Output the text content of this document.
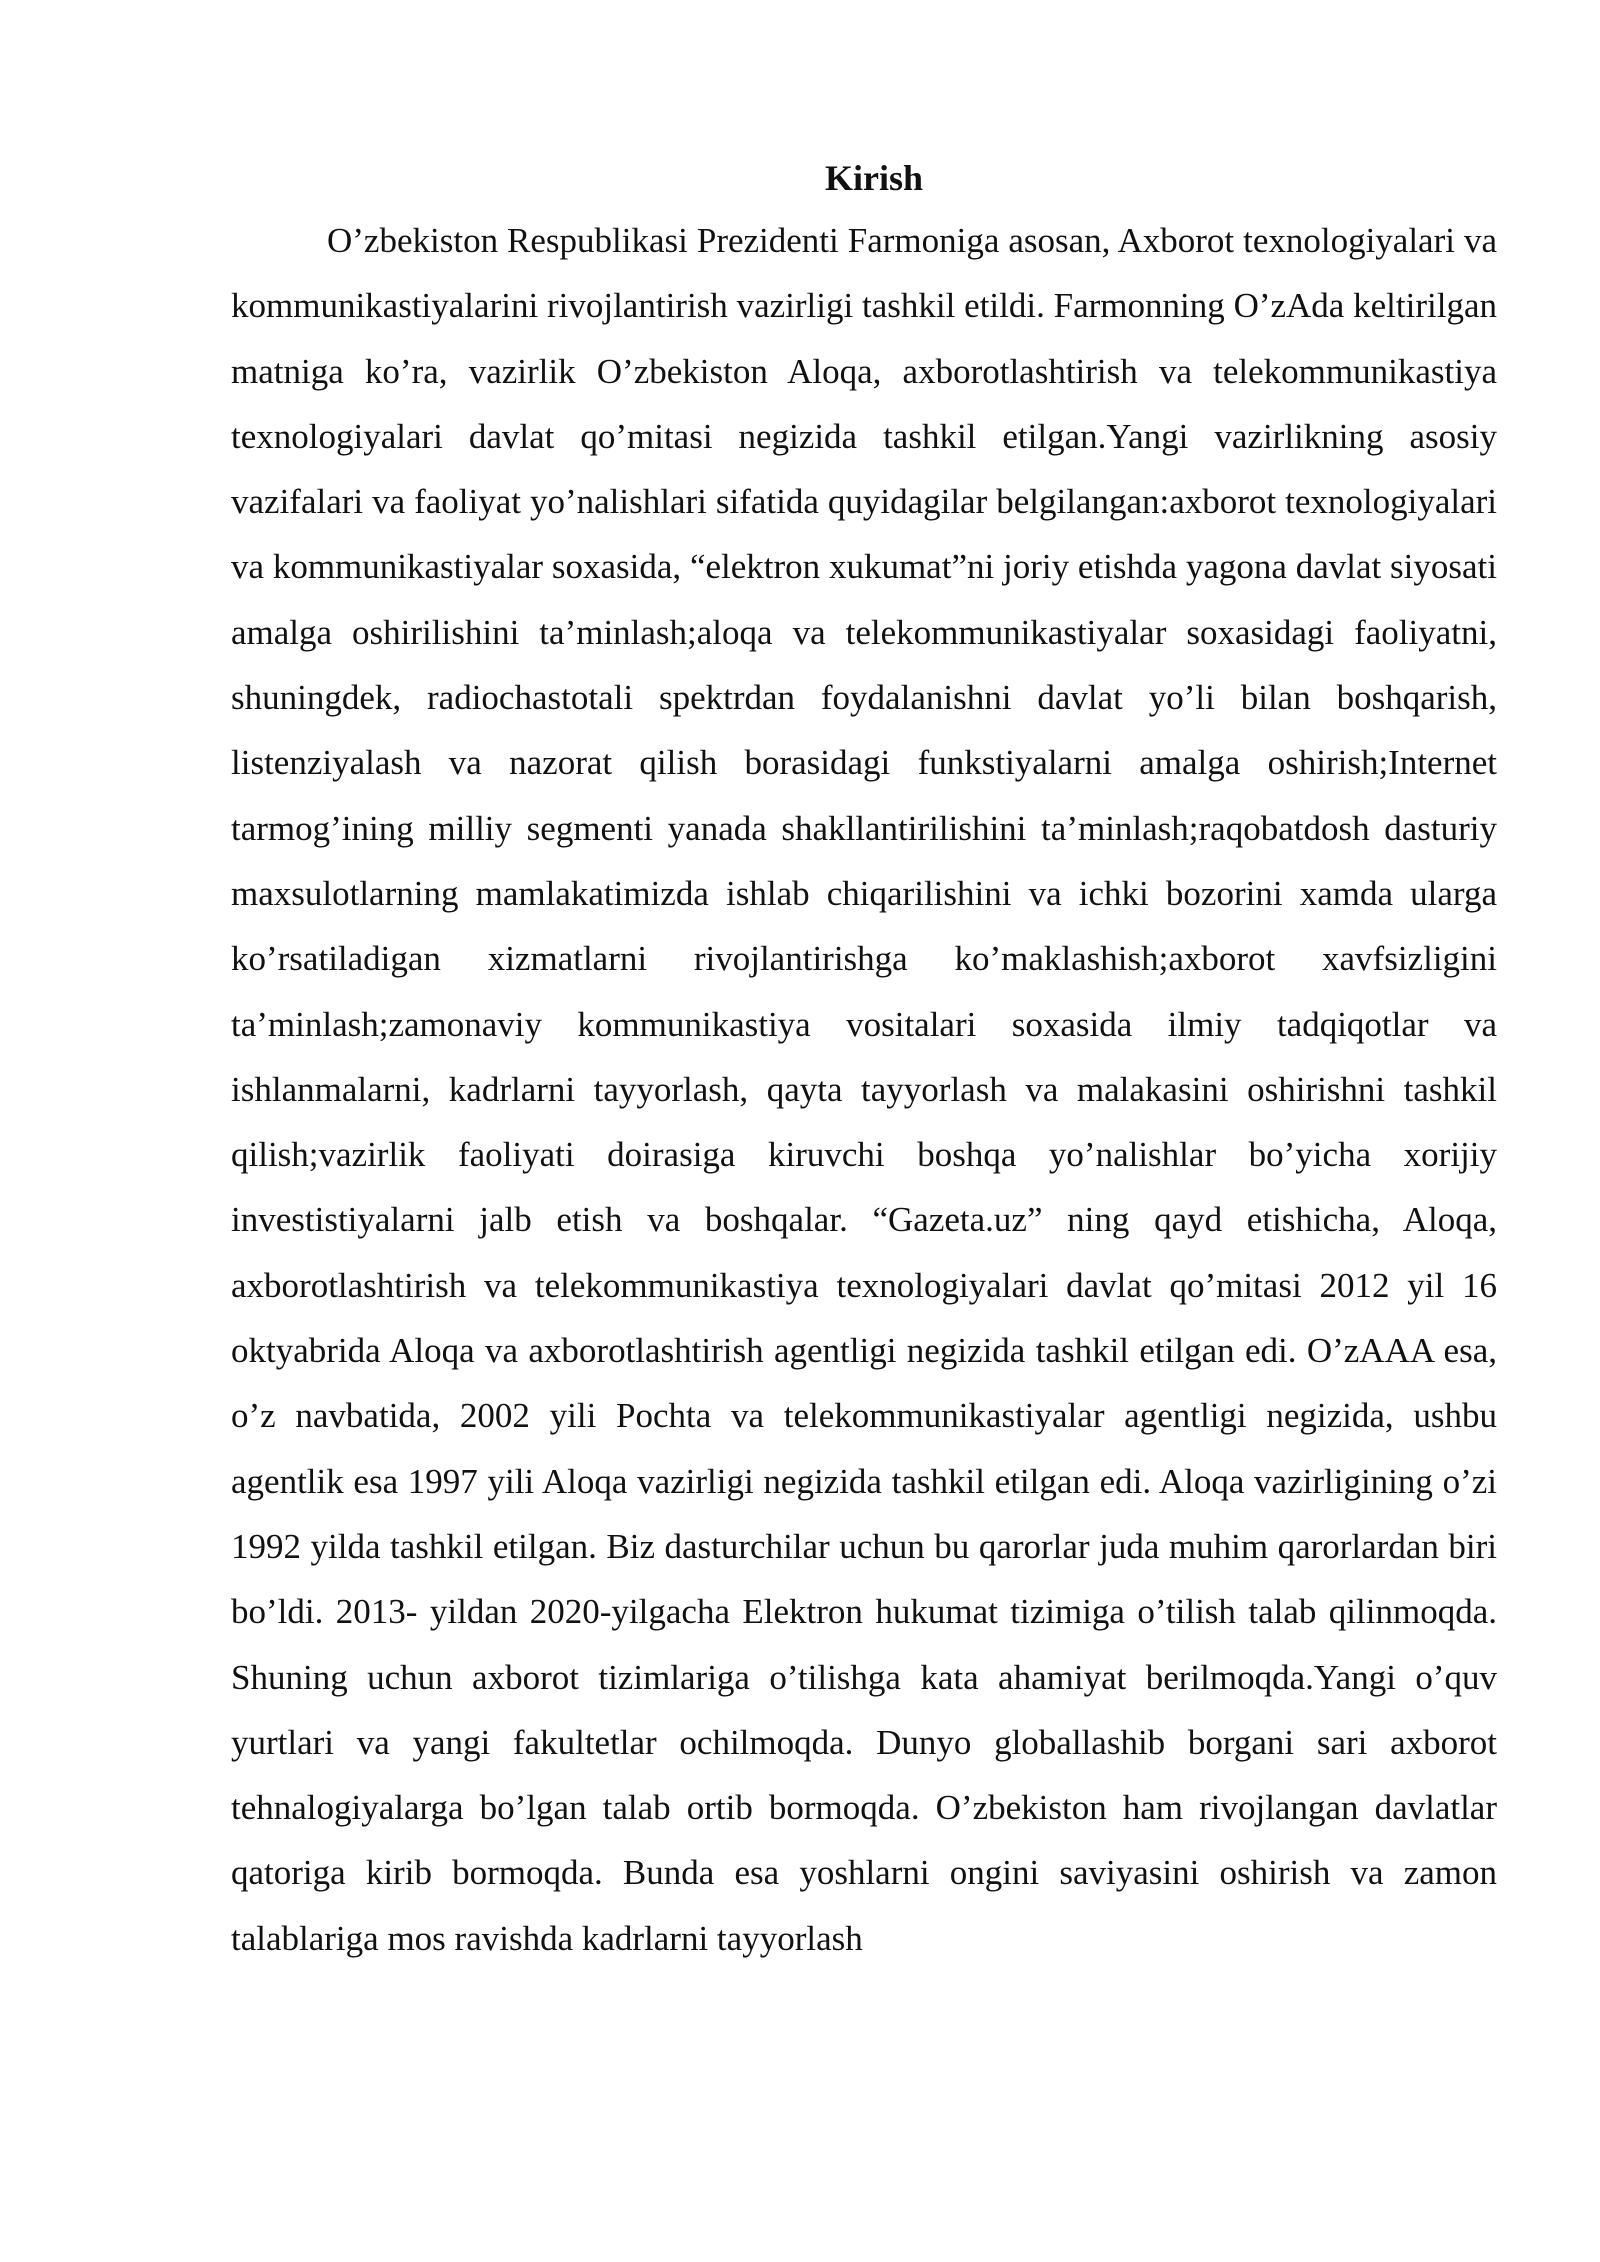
Kirish

O’zbekiston Respublikasi Prezidenti Farmoniga asosan, Axborot texnologiyalari va kommunikastiyalarini rivojlantirish vazirligi tashkil etildi. Farmonning O’zAda keltirilgan matniga ko’ra, vazirlik O’zbekiston Aloqa, axborotlashtirish va telekommunikastiya texnologiyalari davlat qo’mitasi negizida tashkil etilgan.Yangi vazirlikning asosiy vazifalari va faoliyat yo’nalishlari sifatida quyidagilar belgilangan:axborot texnologiyalari va kommunikastiyalar soxasida, “elektron xukumat”ni joriy etishda yagona davlat siyosati amalga oshirilishini ta’minlash;aloqa va telekommunikastiyalar soxasidagi faoliyatni, shuningdek, radiochastotali spektrdan foydalanishni davlat yo’li bilan boshqarish, listenziyalash va nazorat qilish borasidagi funkstiyalarni amalga oshirish;Internet tarmog’ining milliy segmenti yanada shakllantirilishini ta’minlash;raqobatdosh dasturiy maxsulotlarning mamlakatimizda ishlab chiqarilishini va ichki bozorini xamda ularga ko’rsatiladigan xizmatlarni rivojlantirishga ko’maklashish;axborot xavfsizligini ta’minlash;zamonaviy kommunikastiya vositalari soxasida ilmiy tadqiqotlar va ishlanmalarni, kadrlarni tayyorlash, qayta tayyorlash va malakasini oshirishni tashkil qilish;vazirlik faoliyati doirasiga kiruvchi boshqa yo’nalishlar bo’yicha xorijiy investistiyalarni jalb etish va boshqalar. “Gazeta.uz” ning qayd etishicha, Aloqa, axborotlashtirish va telekommunikastiya texnologiyalari davlat qo’mitasi 2012 yil 16 oktyabrida Aloqa va axborotlashtirish agentligi negizida tashkil etilgan edi. O’zAAA esa, o’z navbatida, 2002 yili Pochta va telekommunikastiyalar agentligi negizida, ushbu agentlik esa 1997 yili Aloqa vazirligi negizida tashkil etilgan edi. Aloqa vazirligining o’zi 1992 yilda tashkil etilgan. Biz dasturchilar uchun bu qarorlar juda muhim qarorlardan biri bo’ldi. 2013- yildan 2020-yilgacha Elektron hukumat tizimiga o’tilish talab qilinmoqda. Shuning uchun axborot tizimlariga o’tilishga kata ahamiyat berilmoqda.Yangi o’quv yurtlari va yangi fakultetlar ochilmoqda. Dunyo globallashib borgani sari axborot tehnalogiyalarga bo’lgan talab ortib bormoqda. O’zbekiston ham rivojlangan davlatlar qatoriga kirib bormoqda. Bunda esa yoshlarni ongini saviyasini oshirish va zamon talablariga mos ravishda kadrlarni tayyorlash
